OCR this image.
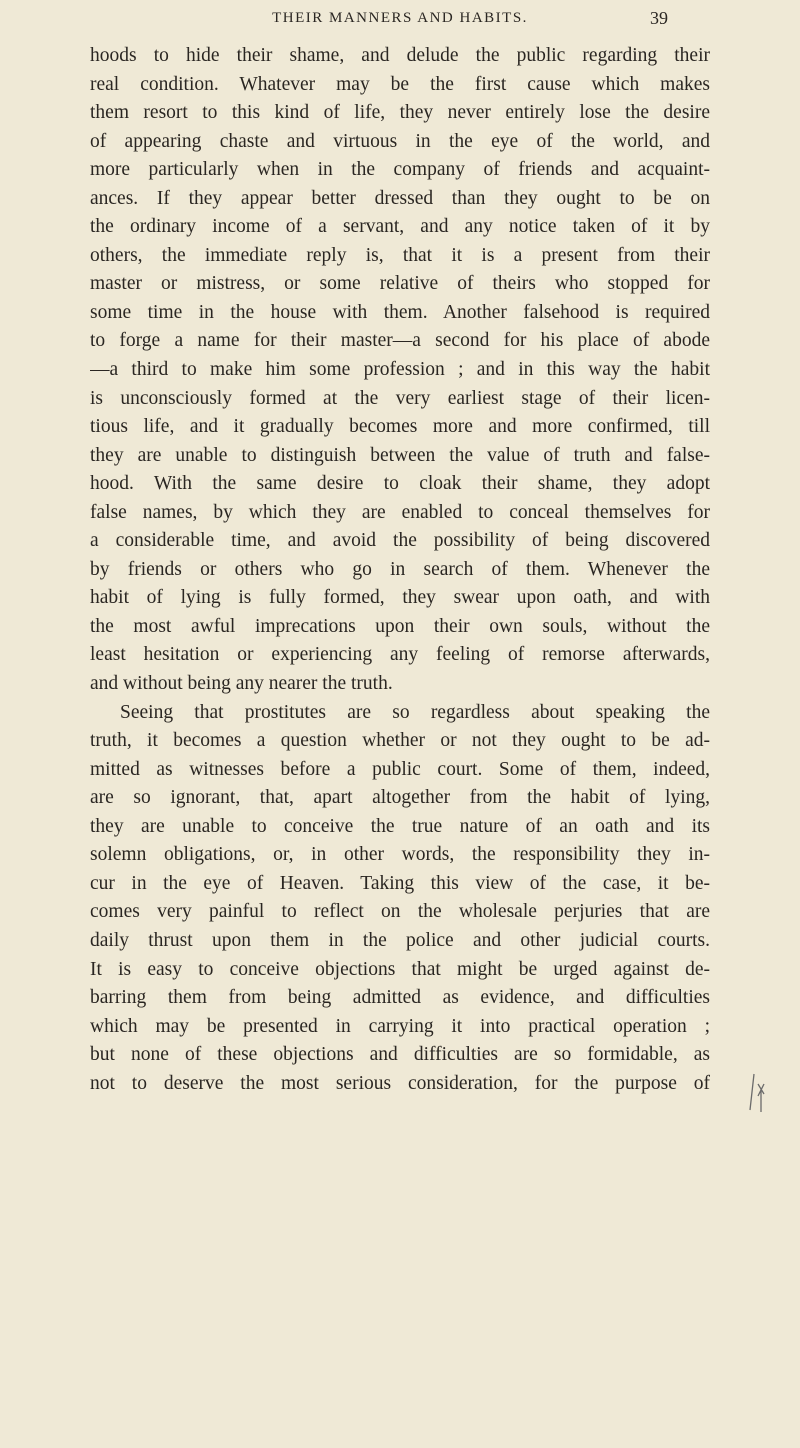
THEIR MANNERS AND HABITS.	39
hoods to hide their shame, and delude the public regarding their
real condition. Whatever may be the first cause which makes
them resort to this kind of life, they never entirely lose the desire
of appearing chaste and virtuous in the eye of the world, and
more particularly when in the company of friends and acquaint-
ances. If they appear better dressed than they ought to be on
the ordinary income of a servant, and any notice taken of it by
others, the immediate reply is, that it is a present from their
master or mistress, or some relative of theirs who stopped for
some time in the house with them. Another falsehood is required
to forge a name for their master—a second for his place of abode
—a third to make him some profession ; and in this way the habit
is unconsciously formed at the very earliest stage of their licen-
tious life, and it gradually becomes more and more confirmed, till
they are unable to distinguish between the value of truth and false-
hood. With the same desire to cloak their shame, they adopt
false names, by which they are enabled to conceal themselves for
a considerable time, and avoid the possibility of being discovered
by friends or others who go in search of them. Whenever the
habit of lying is fully formed, they swear upon oath, and with
the most awful imprecations upon their own souls, without the
least hesitation or experiencing any feeling of remorse afterwards,
and without being any nearer the truth.
Seeing that prostitutes are so regardless about speaking the
truth, it becomes a question whether or not they ought to be ad-
mitted as witnesses before a public court. Some of them, indeed,
are so ignorant, that, apart altogether from the habit of lying,
they are unable to conceive the true nature of an oath and its
solemn obligations, or, in other words, the responsibility they in-
cur in the eye of Heaven. Taking this view of the case, it be-
comes very painful to reflect on the wholesale perjuries that are
daily thrust upon them in the police and other judicial courts.
It is easy to conceive objections that might be urged against de-
barring them from being admitted as evidence, and difficulties
which may be presented in carrying it into practical operation ;
but none of these objections and difficulties are so formidable, as
not to deserve the most serious consideration, for the purpose of
